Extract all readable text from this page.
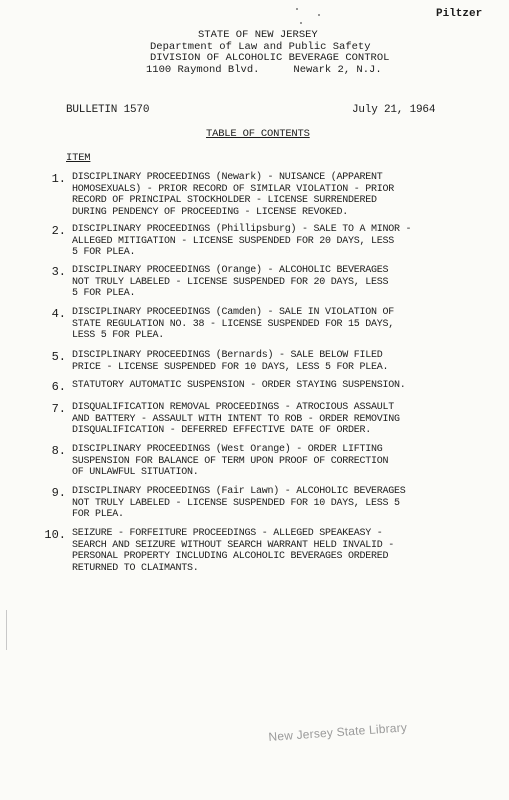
Piltzer
STATE OF NEW JERSEY
Department of Law and Public Safety
DIVISION OF ALCOHOLIC BEVERAGE CONTROL
1100 Raymond Blvd.	Newark 2, N.J.
BULLETIN 1570	July 21, 1964
TABLE OF CONTENTS
ITEM
1. DISCIPLINARY PROCEEDINGS (Newark) - NUISANCE (APPARENT
HOMOSEXUALS) - PRIOR RECORD OF SIMILAR VIOLATION - PRIOR
RECORD OF PRINCIPAL STOCKHOLDER - LICENSE SURRENDERED
DURING PENDENCY OF PROCEEDING - LICENSE REVOKED.
2. DISCIPLINARY PROCEEDINGS (Phillipsburg) - SALE TO A MINOR -
ALLEGED MITIGATION - LICENSE SUSPENDED FOR 20 DAYS, LESS
5 FOR PLEA.
3. DISCIPLINARY PROCEEDINGS (Orange) - ALCOHOLIC BEVERAGES
NOT TRULY LABELED - LICENSE SUSPENDED FOR 20 DAYS, LESS
5 FOR PLEA.
4. DISCIPLINARY PROCEEDINGS (Camden) - SALE IN VIOLATION OF
STATE REGULATION NO. 38 - LICENSE SUSPENDED FOR 15 DAYS,
LESS 5 FOR PLEA.
5. DISCIPLINARY PROCEEDINGS (Bernards) - SALE BELOW FILED
PRICE - LICENSE SUSPENDED FOR 10 DAYS, LESS 5 FOR PLEA.
6. STATUTORY AUTOMATIC SUSPENSION - ORDER STAYING SUSPENSION.
7. DISQUALIFICATION REMOVAL PROCEEDINGS - ATROCIOUS ASSAULT
AND BATTERY - ASSAULT WITH INTENT TO ROB - ORDER REMOVING
DISQUALIFICATION - DEFERRED EFFECTIVE DATE OF ORDER.
8. DISCIPLINARY PROCEEDINGS (West Orange) - ORDER LIFTING
SUSPENSION FOR BALANCE OF TERM UPON PROOF OF CORRECTION
OF UNLAWFUL SITUATION.
9. DISCIPLINARY PROCEEDINGS (Fair Lawn) - ALCOHOLIC BEVERAGES
NOT TRULY LABELED - LICENSE SUSPENDED FOR 10 DAYS, LESS 5
FOR PLEA.
10. SEIZURE - FORFEITURE PROCEEDINGS - ALLEGED SPEAKEASY -
SEARCH AND SEIZURE WITHOUT SEARCH WARRANT HELD INVALID -
PERSONAL PROPERTY INCLUDING ALCOHOLIC BEVERAGES ORDERED
RETURNED TO CLAIMANTS.
New Jersey State Library
